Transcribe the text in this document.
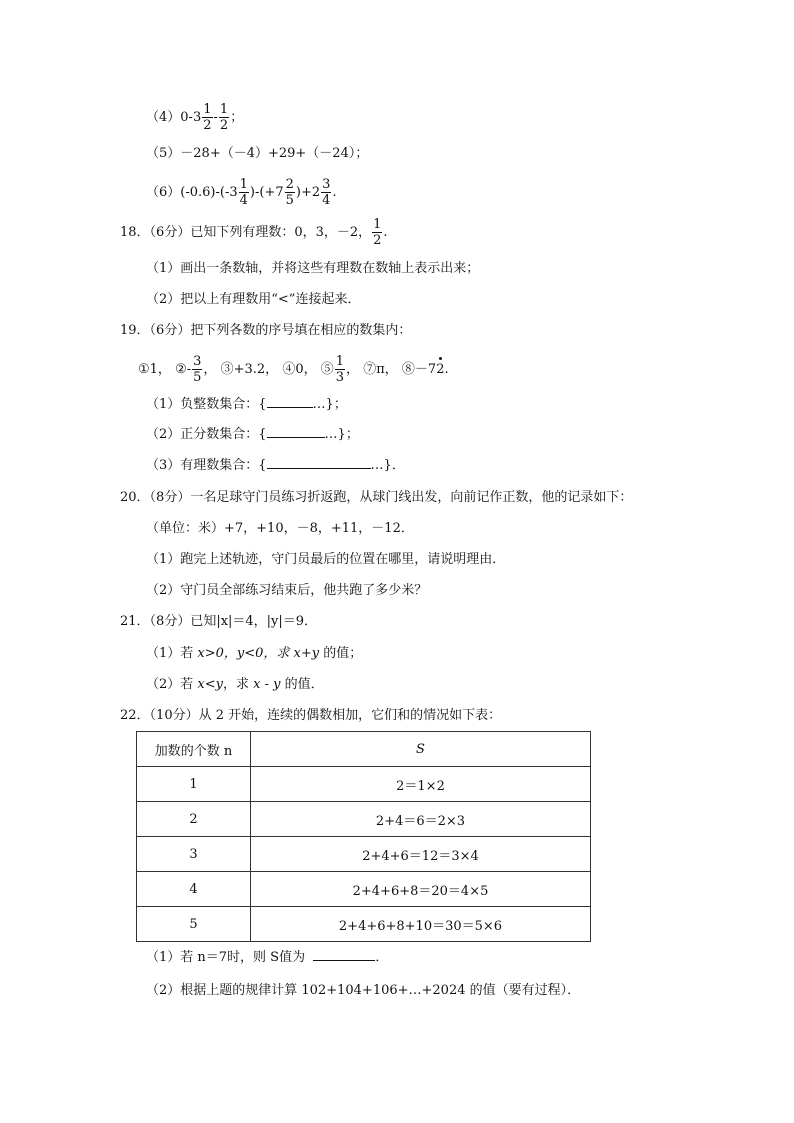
$(4)0-3 \frac{1}{2} - \frac{1}{2}$ ；
（5）－28+（－4）+29+（－24）；
$(6)(-0.6)-(-3 \frac{1}{4} )-(+7 \frac{2}{5} )+2 \frac{3}{4}$ .
18．（6分）已知下列有理数：0，3，－2， $\frac{1}{2}$ .
（1）画出一条数轴，并将这些有理数在数轴上表示出来；
（2）把以上有理数用“<”连接起来．
19．（6分）把下列各数的序号填在相应的数集内：
①1， ②- $\frac{3}{5}$ ， ③+3.2， ④0， ⑤ $\frac{1}{3}$ ， ⑦π， ⑧－72.
（1）负整数集合：{	…}；
（2）正分数集合：{	…}；
（3）有理数集合：{	…}．
20．（8分）一名足球守门员练习折返跑，从球门线出发，向前记作正数，他的记录如下：
（单位：米）+7，+10，－8，+11，－12．
（1）跑完上述轨迹，守门员最后的位置在哪里，请说明理由．
（2）守门员全部练习结束后，他共跑了多少米？
21．（8分）已知|x|＝4，|y|＝9．
（1）若 x>0，y<0，求 x+y 的值；
（2）若 x<y，求 x - y 的值．
22．（10分）从 2 开始，连续的偶数相加，它们和的情况如下表：
加数的个数 n	S
1	2＝1×2
2	2+4＝6＝2×3
3	2+4+6＝12＝3×4
4	2+4+6+8＝20＝4×5
5	2+4+6+8+10＝30＝5×6
（1）若 n＝7时，则 S值为	．
（2）根据上题的规律计算 102+104+106+…+2024 的值（要有过程）．
